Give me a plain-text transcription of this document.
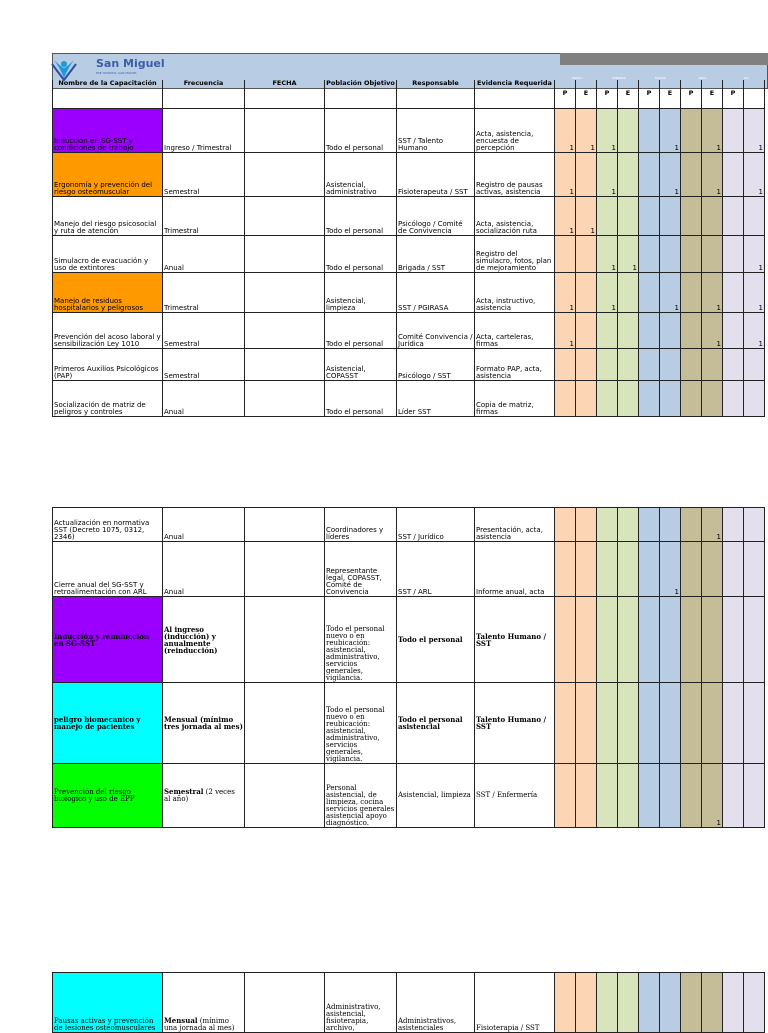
San Miguel
ESE HOSPITAL SAN MIGUEL
ENERO	FEBRERO	MARZO	ABRIL	MA
Nombre de la Capacitación	Frecuencia	FECHA	Población Objetivo	Responsable	Evidencia Requerida	P	E	P	E	P	E	P	E	P	
Inducción en SG-SST y condiciones de trabajo	Ingreso / Trimestral		Todo el personal	SST / Talento Humano	Acta, asistencia, encuesta de percepción	1	1	1			1		1		1
Ergonomía y prevención del riesgo osteomuscular	Semestral		Asistencial, administrativo	Fisioterapeuta / SST	Registro de pausas activas, asistencia	1		1			1		1		1
Manejo del riesgo psicosocial y ruta de atención	Trimestral		Todo el personal	Psicólogo / Comité de Convivencia	Acta, asistencia, socialización ruta	1	1								
Simulacro de evacuación y uso de extintores	Anual		Todo el personal	Brigada / SST	Registro del simulacro, fotos, plan de mejoramiento			1	1						1
Manejo de residuos hospitalarios y peligrosos	Trimestral		Asistencial, limpieza	SST / PGIRASA	Acta, instructivo, asistencia	1		1			1		1		1
Prevención del acoso laboral y sensibilización Ley 1010	Semestral		Todo el personal	Comité Convivencia / Jurídica	Acta, carteleras, firmas	1							1		1
Primeros Auxilios Psicológicos (PAP)	Semestral		Asistencial, COPASST	Psicólogo / SST	Formato PAP, acta, asistencia										
Socialización de matriz de peligros y controles	Anual		Todo el personal	Líder SST	Copia de matriz, firmas										
Actualización en normativa SST (Decreto 1075, 0312, 2346)	Anual		Coordinadores y líderes	SST / Jurídico	Presentación, acta, asistencia								1		
Cierre anual del SG-SST y retroalimentación con ARL	Anual		Representante legal, COPASST, Comité de Convivencia	SST / ARL	Informe anual, acta						1				
Inducción y reinducción en SG-SST	Al ingreso (inducción) y anualmente (reinducción)		Todo el personal nuevo o en reubicación: asistencial, administrativo, servicios generales, vigilancia.	Todo el personal	Talento Humano / SST										
peligro biomecanico y manejo de pacientes	Mensual (mínimo tres jornada al mes)		Todo el personal nuevo o en reubicación: asistencial, administrativo, servicios generales, vigilancia.	Todo el personal asistencial	Talento Humano / SST										
Prevención del riesgo biologico y uso de EPP	Semestral (2 veces al año)		Personal asistencial, de limpieza, cocina servicios generales asistencial apoyo diagnóstico.	Asistencial, limpieza	SST / Enfermería								1		
Pausas activas y prevención de lesiones osteomusculares	Mensual (mínimo una jornada al mes)		Administrativo, asistencial, fisioterapia, archivo,	Administrativos, asistenciales	Fisioterapia / SST										
